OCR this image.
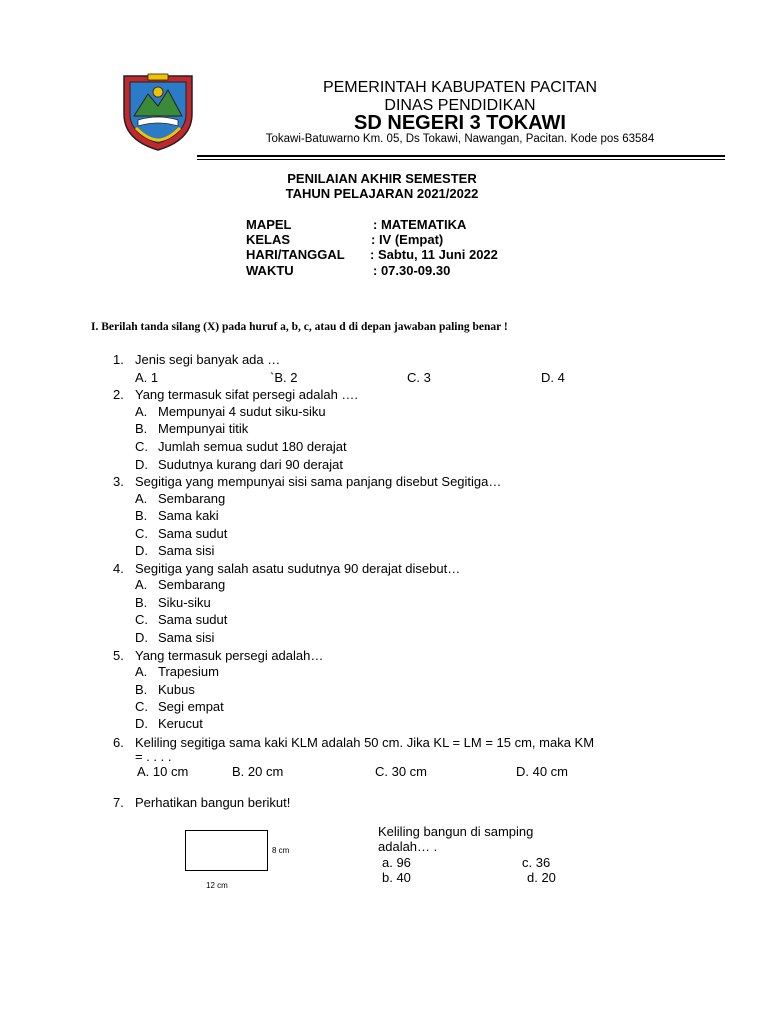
PEMERINTAH KABUPATEN PACITAN
DINAS PENDIDIKAN
SD NEGERI 3 TOKAWI
Tokawi-Batuwarno Km. 05, Ds Tokawi, Nawangan, Pacitan. Kode pos 63584
PENILAIAN AKHIR SEMESTER
TAHUN PELAJARAN 2021/2022
MAPEL	: MATEMATIKA
KELAS	: IV (Empat)
HARI/TANGGAL : Sabtu, 11 Juni 2022
WAKTU	: 07.30-09.30
I. Berilah tanda silang (X) pada huruf a, b, c, atau d di depan jawaban paling benar !
1. Jenis segi banyak ada …
A. 1	`B. 2	C. 3	D. 4
2. Yang termasuk sifat persegi adalah ….
A. Mempunyai 4 sudut siku-siku
B. Mempunyai titik
C. Jumlah semua sudut 180 derajat
D. Sudutnya kurang dari 90 derajat
3. Segitiga yang mempunyai sisi sama panjang disebut Segitiga…
A. Sembarang
B. Sama kaki
C. Sama sudut
D. Sama sisi
4. Segitiga yang salah asatu sudutnya 90 derajat disebut…
A. Sembarang
B. Siku-siku
C. Sama sudut
D. Sama sisi
5. Yang termasuk persegi adalah…
A. Trapesium
B. Kubus
C. Segi empat
D. Kerucut
6. Keliling segitiga sama kaki KLM adalah 50 cm. Jika KL = LM = 15 cm, maka KM
= . . . .
A. 10 cm	B. 20 cm	C. 30 cm	D. 40 cm
7. Perhatikan bangun berikut!
8 cm
12 cm
Keliling bangun di samping
adalah… .
a. 96	c. 36
b. 40	d. 20
